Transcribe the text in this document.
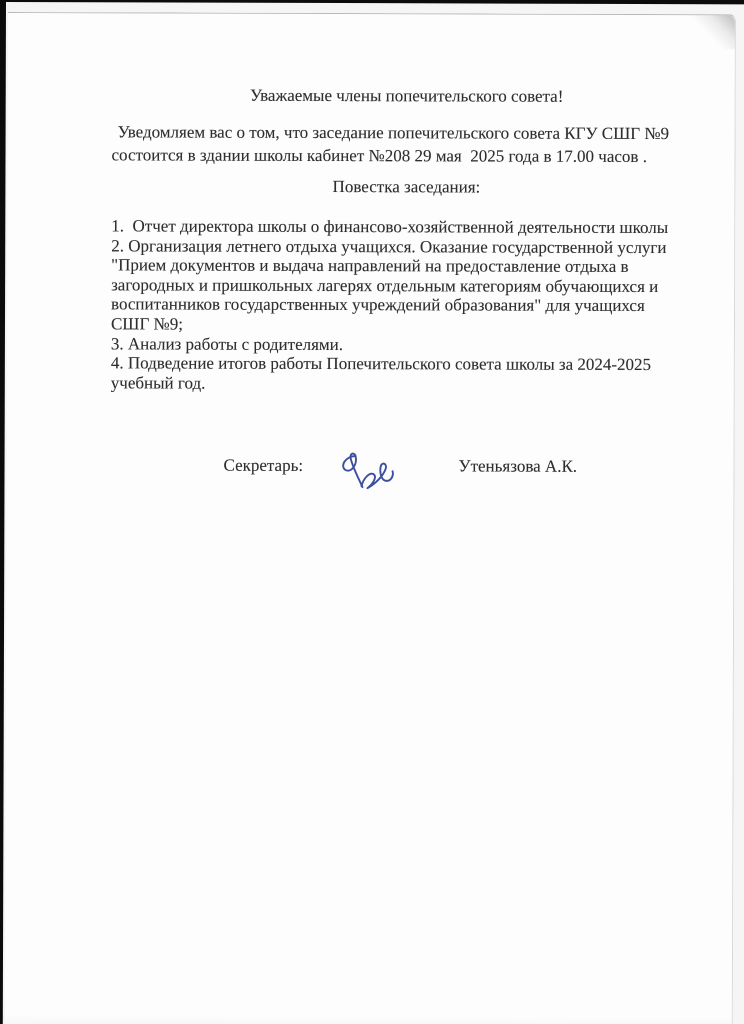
Уважаемые члены попечительского совета!
Уведомляем вас о том, что заседание попечительского совета КГУ СШГ №9
состоится в здании школы кабинет №208 29 мая  2025 года в 17.00 часов .
Повестка заседания:
1.  Отчет директора школы о финансово-хозяйственной деятельности школы
2. Организация летнего отдыха учащихся. Оказание государственной услуги
"Прием документов и выдача направлений на предоставление отдыха в
загородных и пришкольных лагерях отдельным категориям обучающихся и
воспитанников государственных учреждений образования" для учащихся
СШГ №9;
3. Анализ работы с родителями.
4. Подведение итогов работы Попечительского совета школы за 2024-2025
учебный год.
Секретарь:	Утеньязова А.К.
